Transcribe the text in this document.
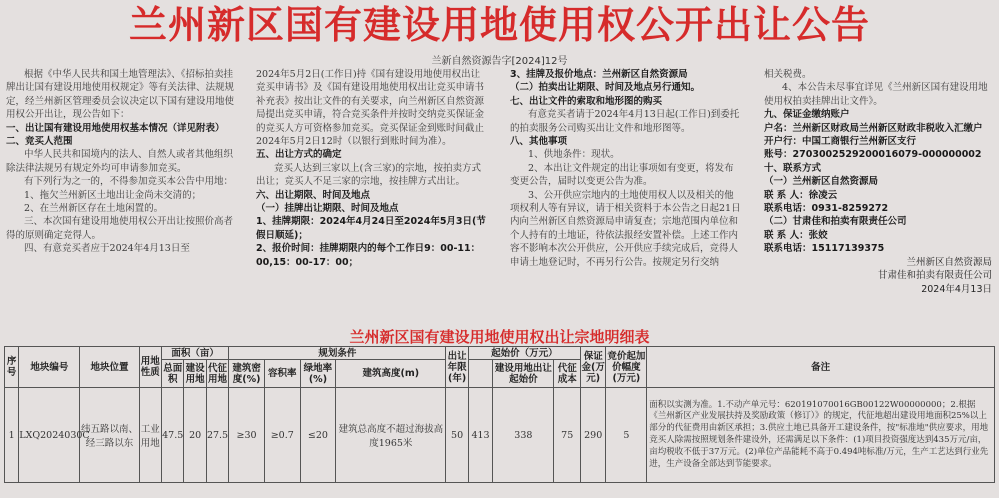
兰州新区国有建设用地使用权公开出让公告
兰新自然资源告字[2024]12号

根据《中华人民共和国土地管理法》、《招标拍卖挂牌出让国有建设用地使用权规定》等有关法律、法规规定，经兰州新区管理委员会议决定以下国有建设用地使用权公开出让，现公告如下：

一、出让国有建设用地使用权基本情况（详见附表）

二、竞买人范围

中华人民共和国境内的法人、自然人或者其他组织除法律法规另有规定外均可申请参加竞买。

有下列行为之一的，不得参加竞买本公告中用地：

1、拖欠兰州新区土地出让金尚未交清的；

2、在兰州新区存在土地闲置的。

三、本次国有建设用地使用权公开出让按照价高者得的原则确定竞得人。

四、有意竞买者应于2024年4月13日至

2024年5月2日(工作日)持《国有建设用地使用权出让竞买申请书》及《国有建设用地使用权出让竞买申请书补充表》按出让文件的有关要求，向兰州新区自然资源局提出竞买申请，符合竞买条件并按时交纳竞买保证金的竞买人方可资格参加竞买。竞买保证金到账时间截止2024年5月2日12时（以银行到账时间为准）。

五、出让方式的确定

竞买人达到三家以上(含三家)的宗地，按拍卖方式出让；竞买人不足三家的宗地，按挂牌方式出让。

六、出让期限、时间及地点

（一）挂牌出让期限、时间及地点

1、挂牌期限：2024年4月24日至2024年5月3日(节假日顺延)；

2、报价时间：挂牌期限内的每个工作日9：00-11：00,15：00-17：00；

3、挂牌及报价地点：兰州新区自然资源局

（二）拍卖出让期限、时间及地点另行通知。

七、出让文件的索取和地形图的购买

有意竞买者请于2024年4月13日起(工作日)到委托的拍卖服务公司购买出让文件和地形图等。

八、其他事项

1、供地条件：现状。

2、本出让文件规定的出让事项如有变更，将发布变更公告，届时以变更公告为准。

3、公开供应宗地内的土地使用权人以及相关的他项权利人等有异议，请于相关资料于本公告之日起21日内向兰州新区自然资源局申请复查；宗地范围内单位和个人持有的土地证，待依法报经安置补偿。上述工作内容不影响本次公开供应，公开供应手续完成后，竞得人申请土地登记时，不再另行公告。按规定另行交纳

相关税费。

4、本公告未尽事宜详见《兰州新区国有建设用地使用权拍卖挂牌出让文件》。

九、保证金缴纳账户

户名：兰州新区财政局兰州新区财政非税收入汇缴户

开户行：中国工商银行兰州新区支行

账号：2703002529200016079-000000002

十、联系方式

（一）兰州新区自然资源局

联 系 人：徐凌云

联系电话：0931-8259272

（二）甘肃佳和拍卖有限责任公司

联 系 人：张姣

联系电话：15117139375

兰州新区自然资源局

甘肃佳和拍卖有限责任公司

2024年4月13日

兰州新区国有建设用地使用权出让宗地明细表
序号	地块编号	地块位置	用地性质	面积（亩）			规划条件				出让年限(年)	起始价（万元）			保证金(万元)	竞价起加价幅度(万元)	备注
				总面积	建设用地	代征用地	建筑密度(%)	容积率	绿地率(%)	建筑高度(m)			建设用地出让起始价	代征成本			
1	LXQ2024030C	纬五路以南、经三路以东	工业用地	47.5	20	27.5	≥30	≥0.7	≤20	建筑总高度不超过海拔高度1965米	50	413	338	75	290	5	面积以实测为准。1.不动产单元号：620191070016GB00122W00000000；2.根据《兰州新区产业发展扶持及奖励政策（修订）》的规定，代征地超出建设用地面积25%以上部分的代征费用由新区承担；3.供应土地已具备开工建设条件，按"标准地"供应要求，用地竞买人除需按照规划条件建设外，还需满足以下条件：(1)项目投资强度达到435万元/亩，亩均税收不低于37万元。(2)单位产品能耗不高于0.494吨标准/万元，生产工艺达到行业先进，生产设备全部达到节能要求。
